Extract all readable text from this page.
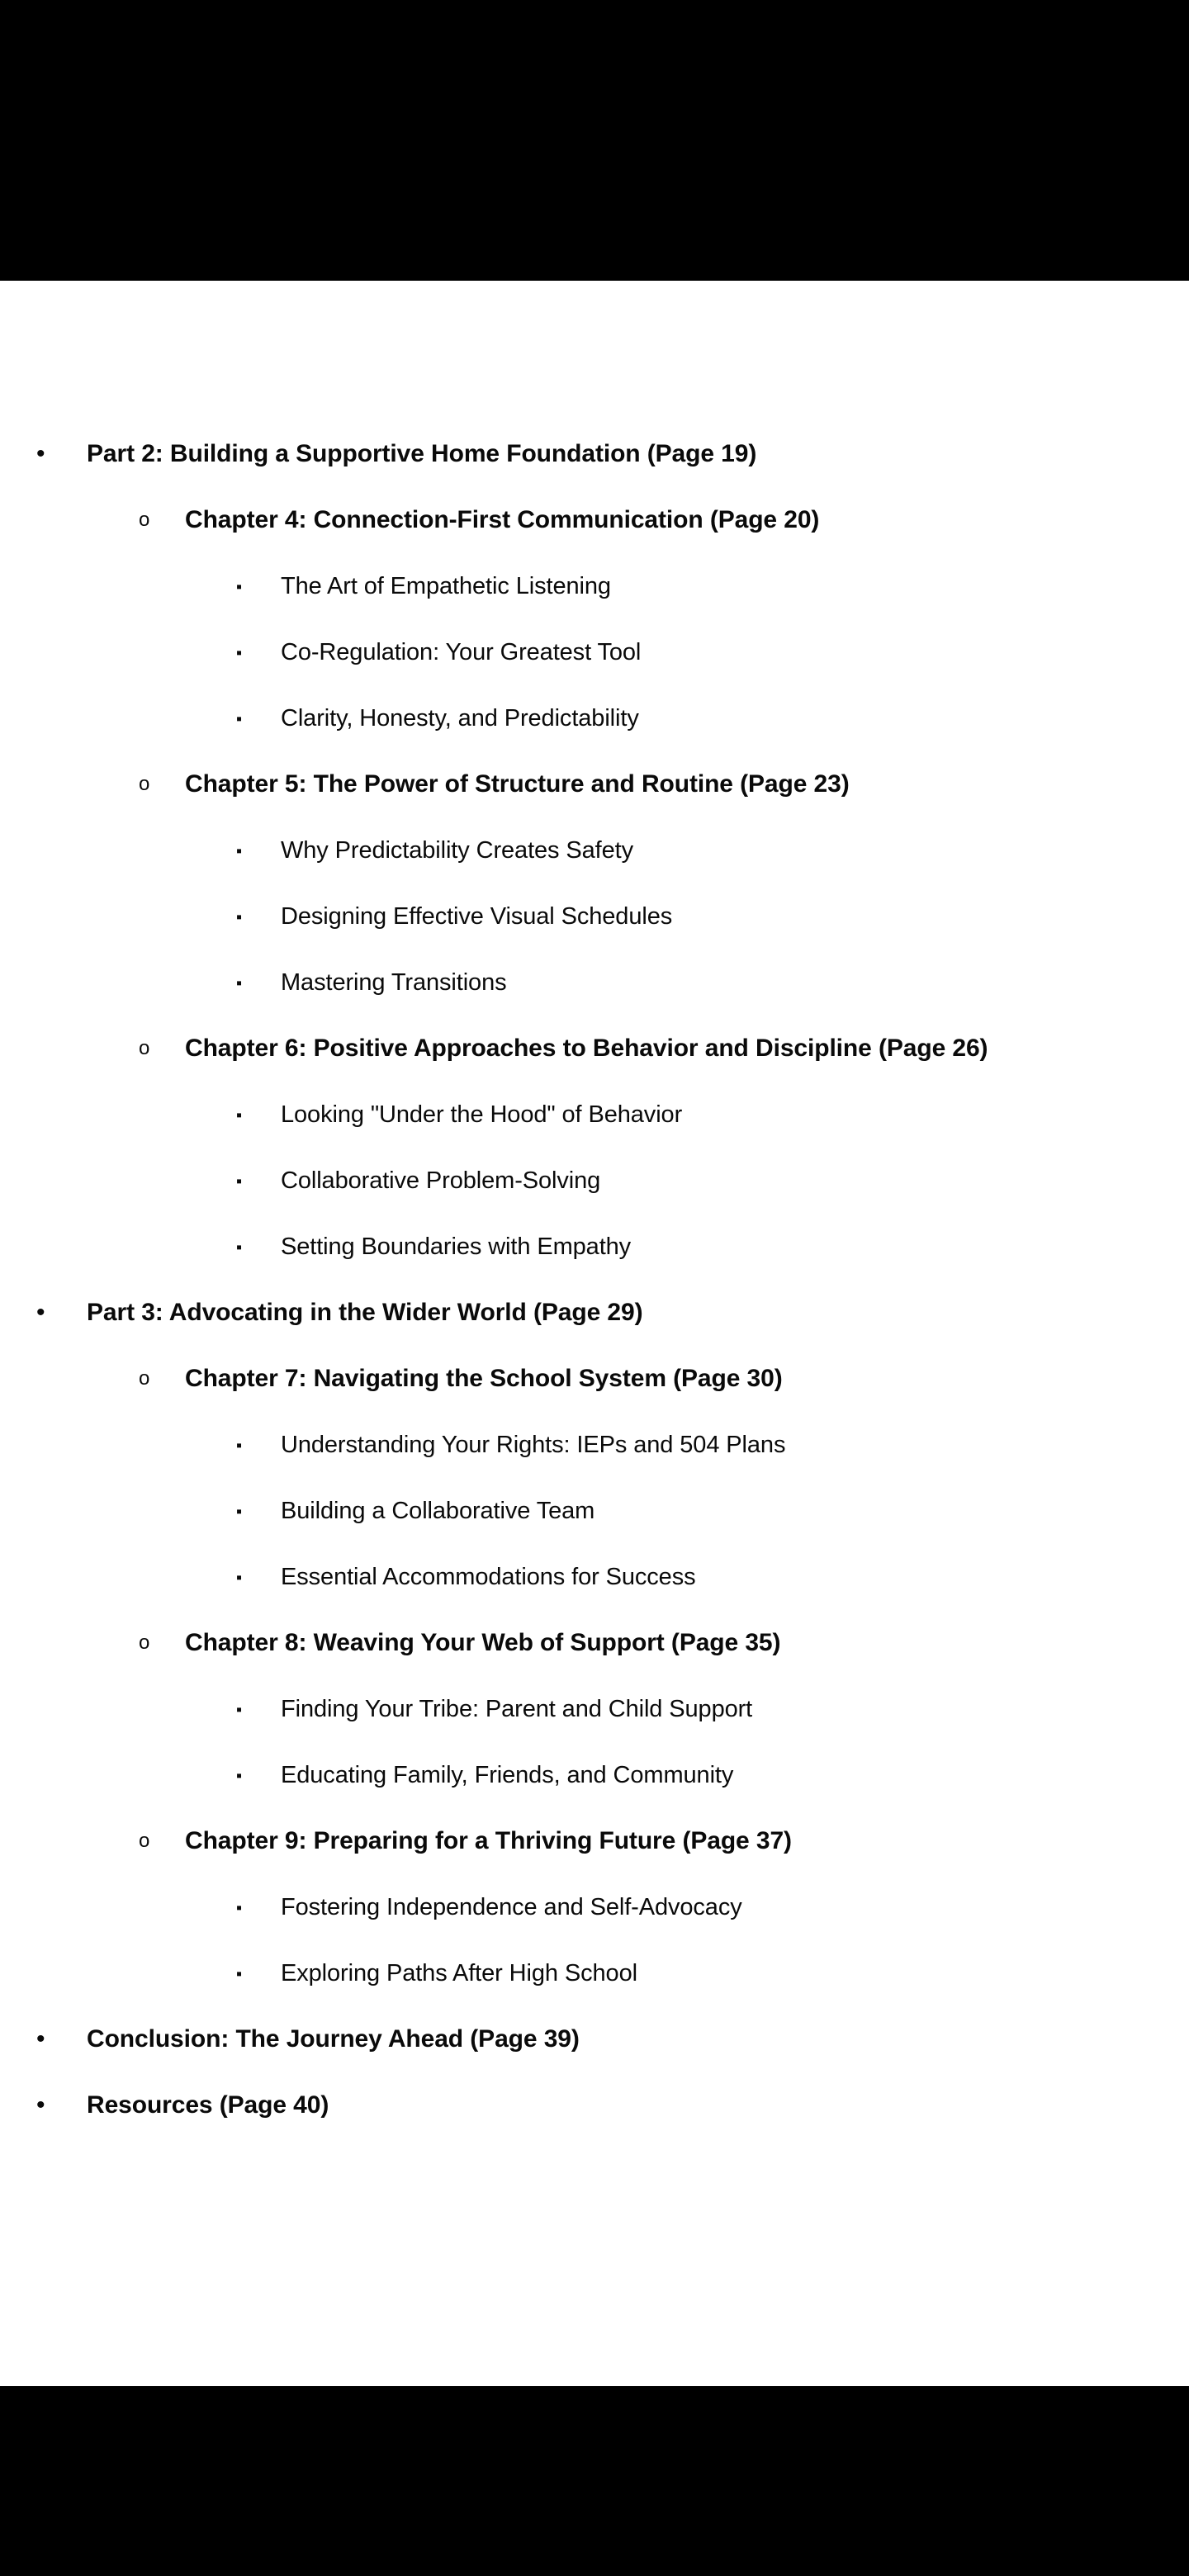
• Part 2: Building a Supportive Home Foundation (Page 19)
o Chapter 4: Connection-First Communication (Page 20)
▪ The Art of Empathetic Listening
▪ Co-Regulation: Your Greatest Tool
▪ Clarity, Honesty, and Predictability
o Chapter 5: The Power of Structure and Routine (Page 23)
▪ Why Predictability Creates Safety
▪ Designing Effective Visual Schedules
▪ Mastering Transitions
o Chapter 6: Positive Approaches to Behavior and Discipline (Page 26)
▪ Looking "Under the Hood" of Behavior
▪ Collaborative Problem-Solving
▪ Setting Boundaries with Empathy
• Part 3: Advocating in the Wider World (Page 29)
o Chapter 7: Navigating the School System (Page 30)
▪ Understanding Your Rights: IEPs and 504 Plans
▪ Building a Collaborative Team
▪ Essential Accommodations for Success
o Chapter 8: Weaving Your Web of Support (Page 35)
▪ Finding Your Tribe: Parent and Child Support
▪ Educating Family, Friends, and Community
o Chapter 9: Preparing for a Thriving Future (Page 37)
▪ Fostering Independence and Self-Advocacy
▪ Exploring Paths After High School
• Conclusion: The Journey Ahead (Page 39)
• Resources (Page 40)
